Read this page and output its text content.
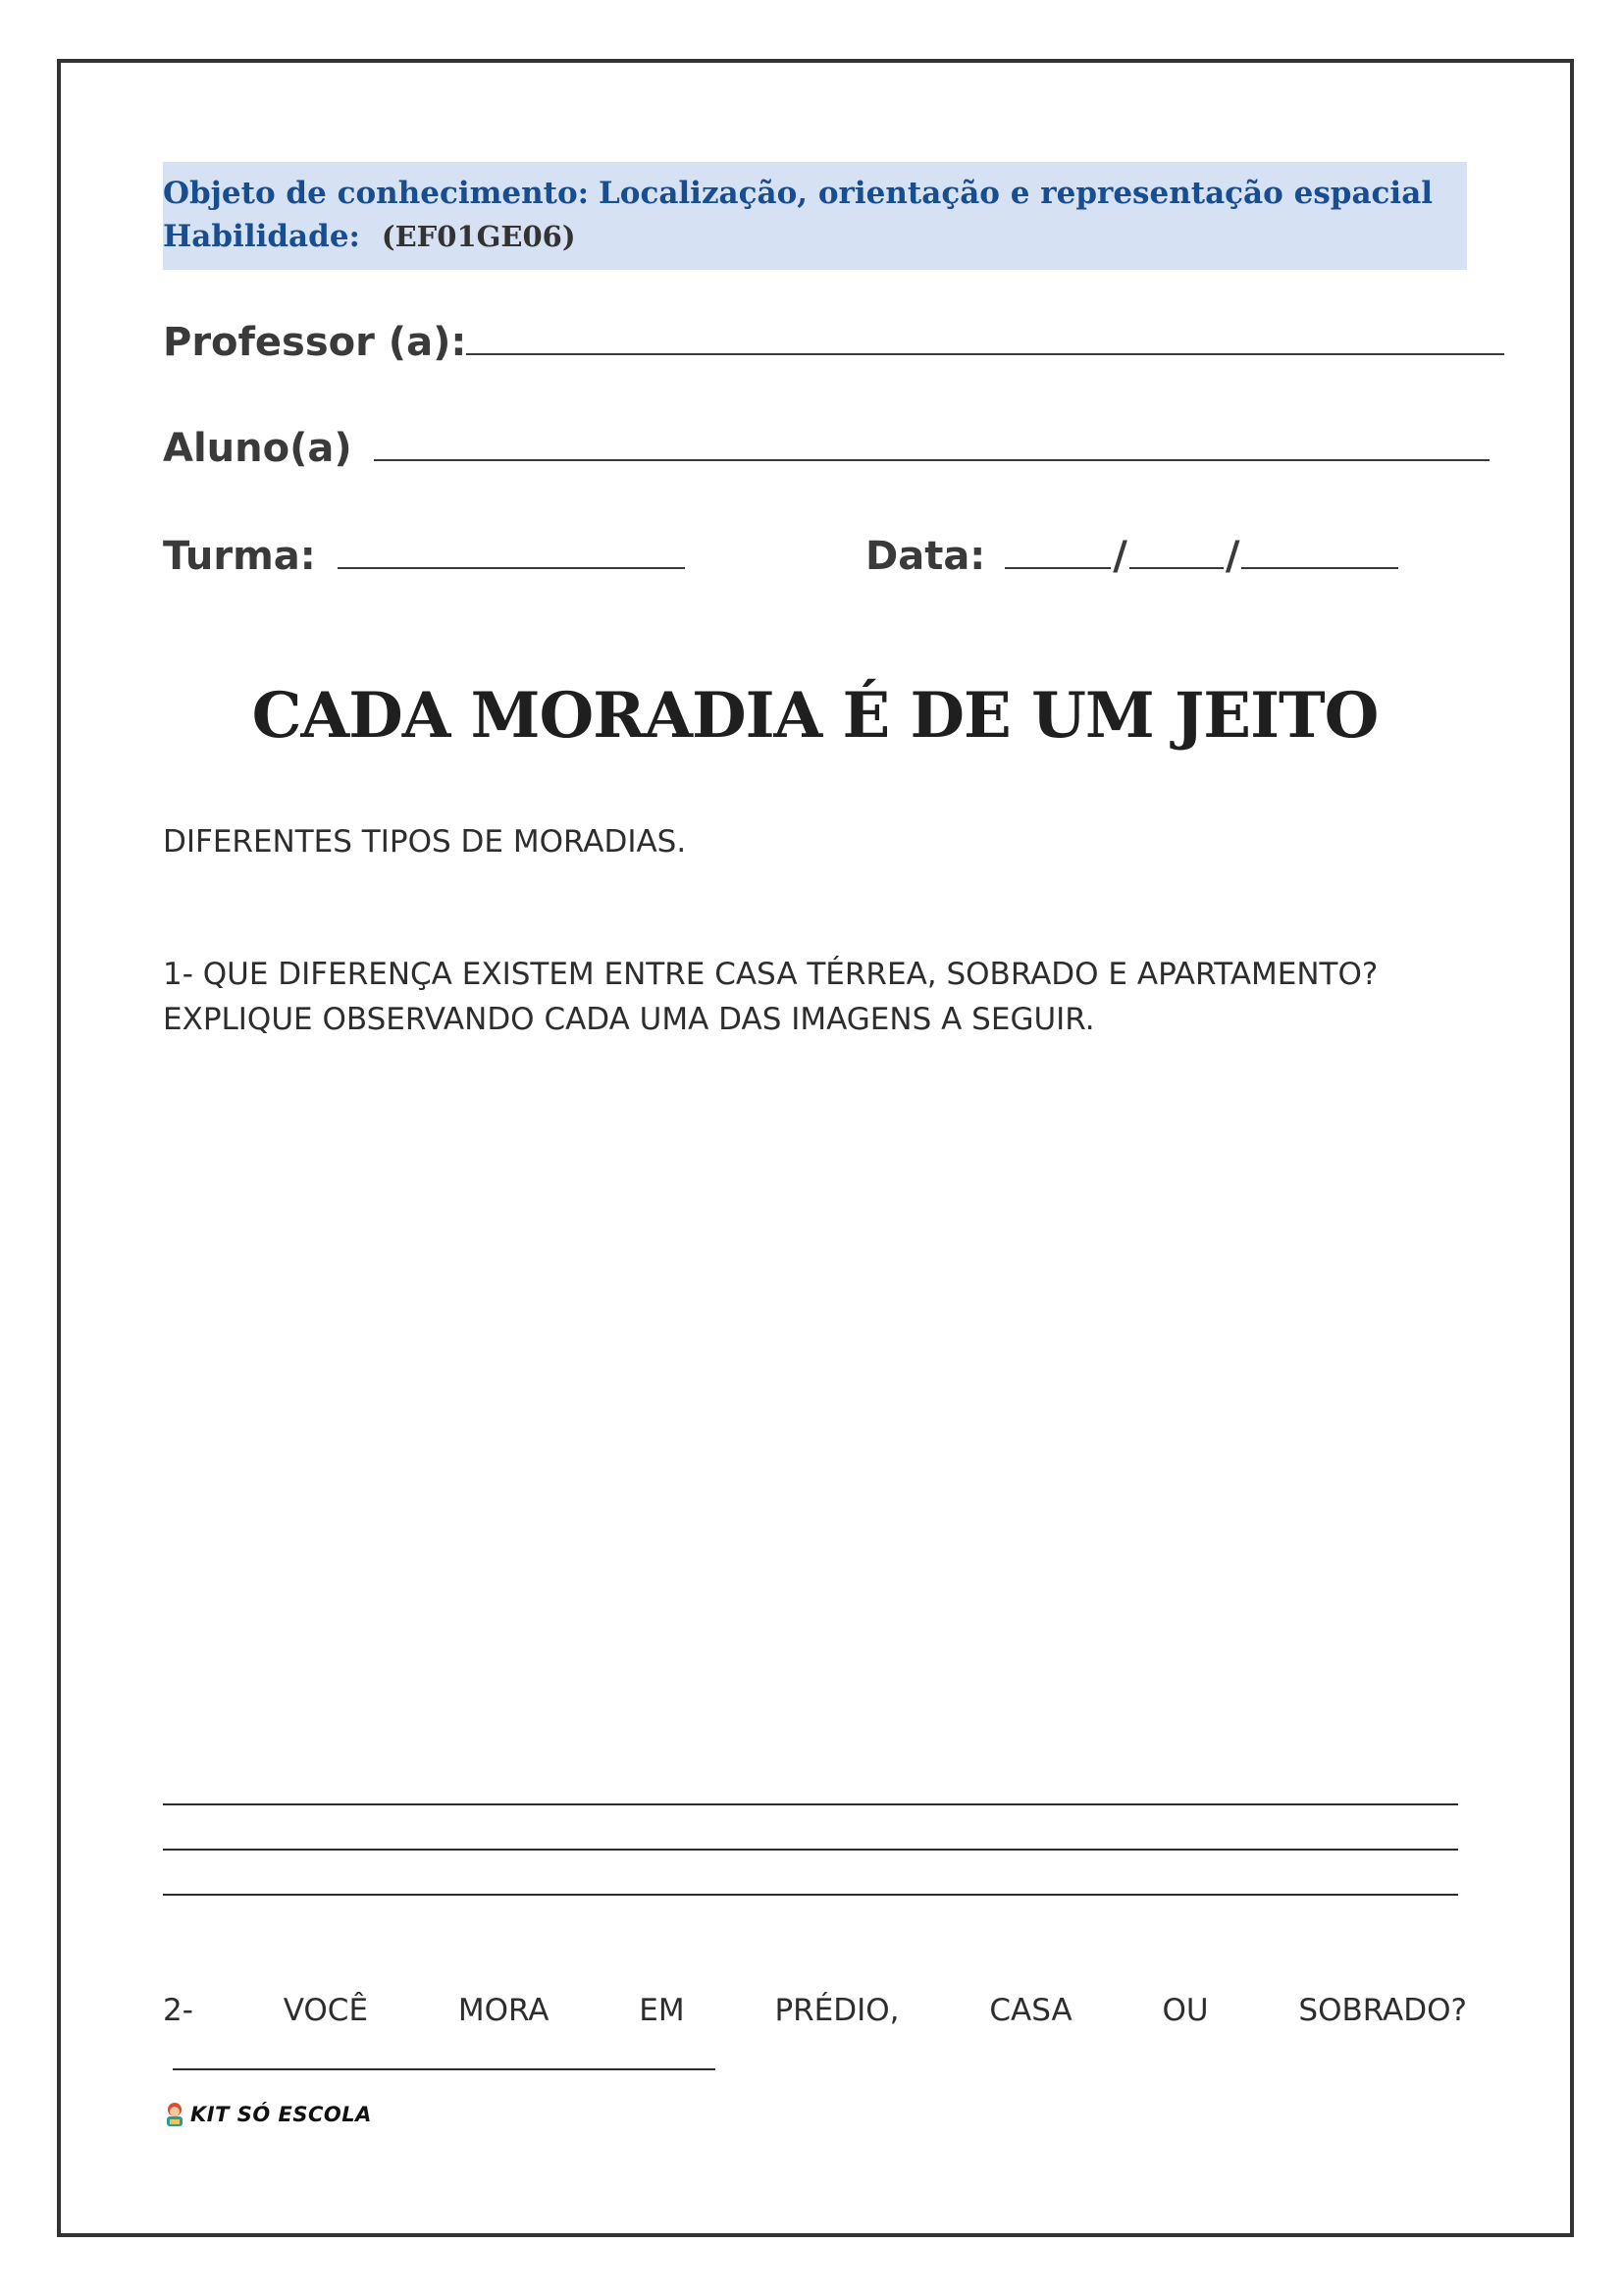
Objeto de conhecimento: Localização, orientação e representação espacial
Habilidade: (EF01GE06)
Professor (a):
Aluno(a)
Turma:	Data:	/	/
CADA MORADIA É DE UM JEITO
DIFERENTES TIPOS DE MORADIAS.
1- QUE DIFERENÇA EXISTEM ENTRE CASA TÉRREA, SOBRADO E APARTAMENTO?
EXPLIQUE OBSERVANDO CADA UMA DAS IMAGENS A SEGUIR.
2-	VOCÊ	MORA	EM	PRÉDIO,	CASA	OU	SOBRADO?
KIT SÓ ESCOLA
